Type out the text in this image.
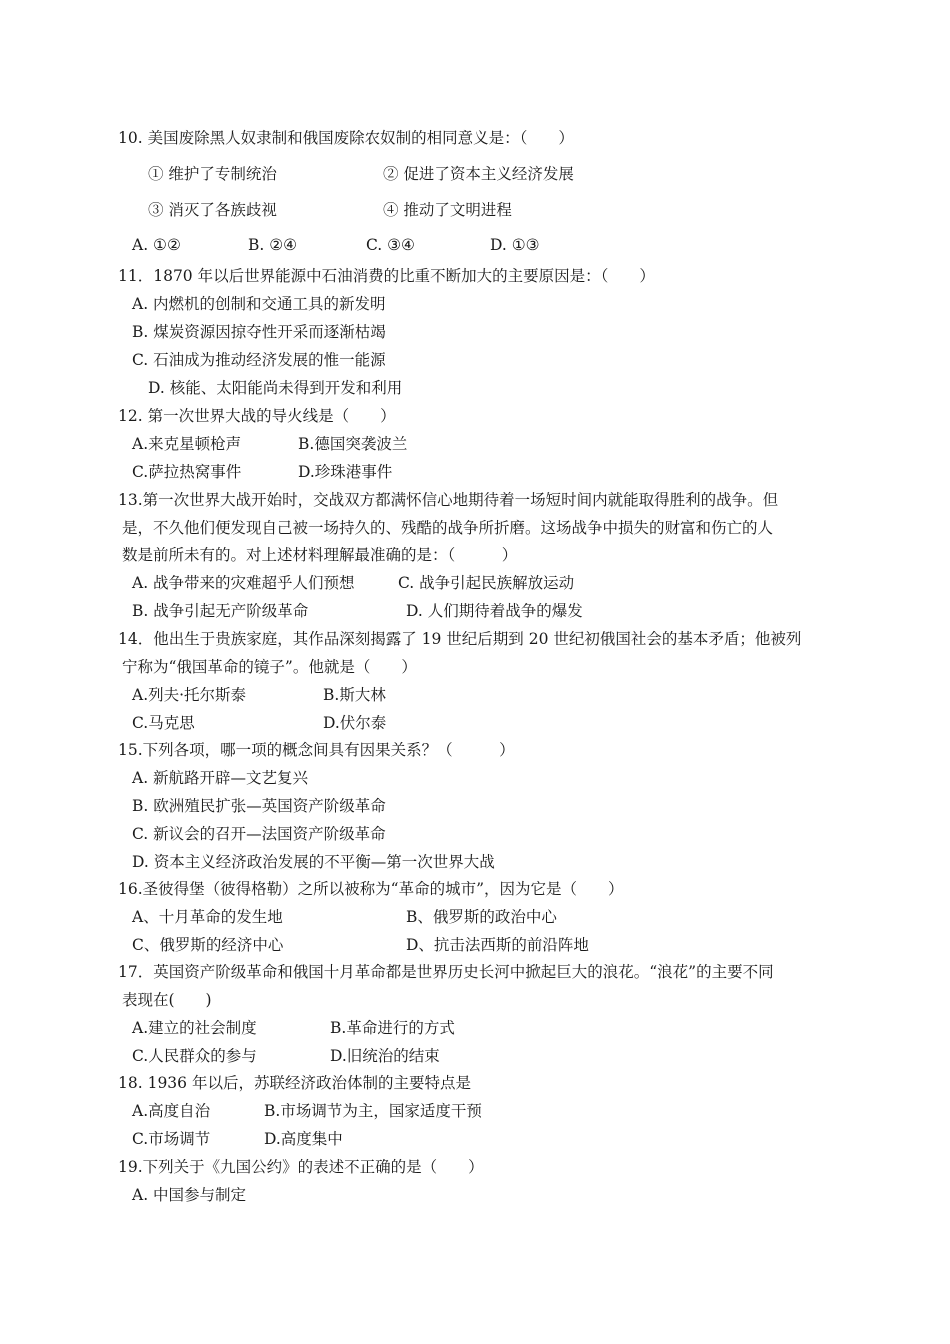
10. 美国废除黑人奴隶制和俄国废除农奴制的相同意义是：（　　）
① 维护了专制统治	② 促进了资本主义经济发展
③ 消灭了各族歧视	④ 推动了文明进程
A. ①②	B. ②④	C. ③④	D. ①③
11．1870 年以后世界能源中石油消费的比重不断加大的主要原因是：（　　）
A. 内燃机的创制和交通工具的新发明
B. 煤炭资源因掠夺性开采而逐渐枯竭
C. 石油成为推动经济发展的惟一能源
D. 核能、太阳能尚未得到开发和利用
12. 第一次世界大战的导火线是（　　）
A.来克星顿枪声	B.德国突袭波兰
C.萨拉热窝事件	D.珍珠港事件
13.第一次世界大战开始时，交战双方都满怀信心地期待着一场短时间内就能取得胜利的战争。但
是，不久他们便发现自己被一场持久的、残酷的战争所折磨。这场战争中损失的财富和伤亡的人
数是前所未有的。对上述材料理解最准确的是：（　　　）
A. 战争带来的灾难超乎人们预想	C. 战争引起民族解放运动
B. 战争引起无产阶级革命	D. 人们期待着战争的爆发
14．他出生于贵族家庭，其作品深刻揭露了 19 世纪后期到 20 世纪初俄国社会的基本矛盾；他被列
宁称为“俄国革命的镜子”。他就是（　　）
A.列夫·托尔斯泰	B.斯大林
C.马克思	D.伏尔泰
15.下列各项，哪一项的概念间具有因果关系？（　　　）
A. 新航路开辟—文艺复兴
B. 欧洲殖民扩张—英国资产阶级革命
C. 新议会的召开—法国资产阶级革命
D. 资本主义经济政治发展的不平衡—第一次世界大战
16.圣彼得堡（彼得格勒）之所以被称为“革命的城市”，因为它是（　　）
A、十月革命的发生地	B、俄罗斯的政治中心
C、俄罗斯的经济中心	D、抗击法西斯的前沿阵地
17．英国资产阶级革命和俄国十月革命都是世界历史长河中掀起巨大的浪花。“浪花”的主要不同
表现在(　　)
A.建立的社会制度	B.革命进行的方式
C.人民群众的参与	D.旧统治的结束
18. 1936 年以后，苏联经济政治体制的主要特点是
A.高度自治	B.市场调节为主，国家适度干预
C.市场调节	D.高度集中
19.下列关于《九国公约》的表述不正确的是（　　）
A. 中国参与制定
